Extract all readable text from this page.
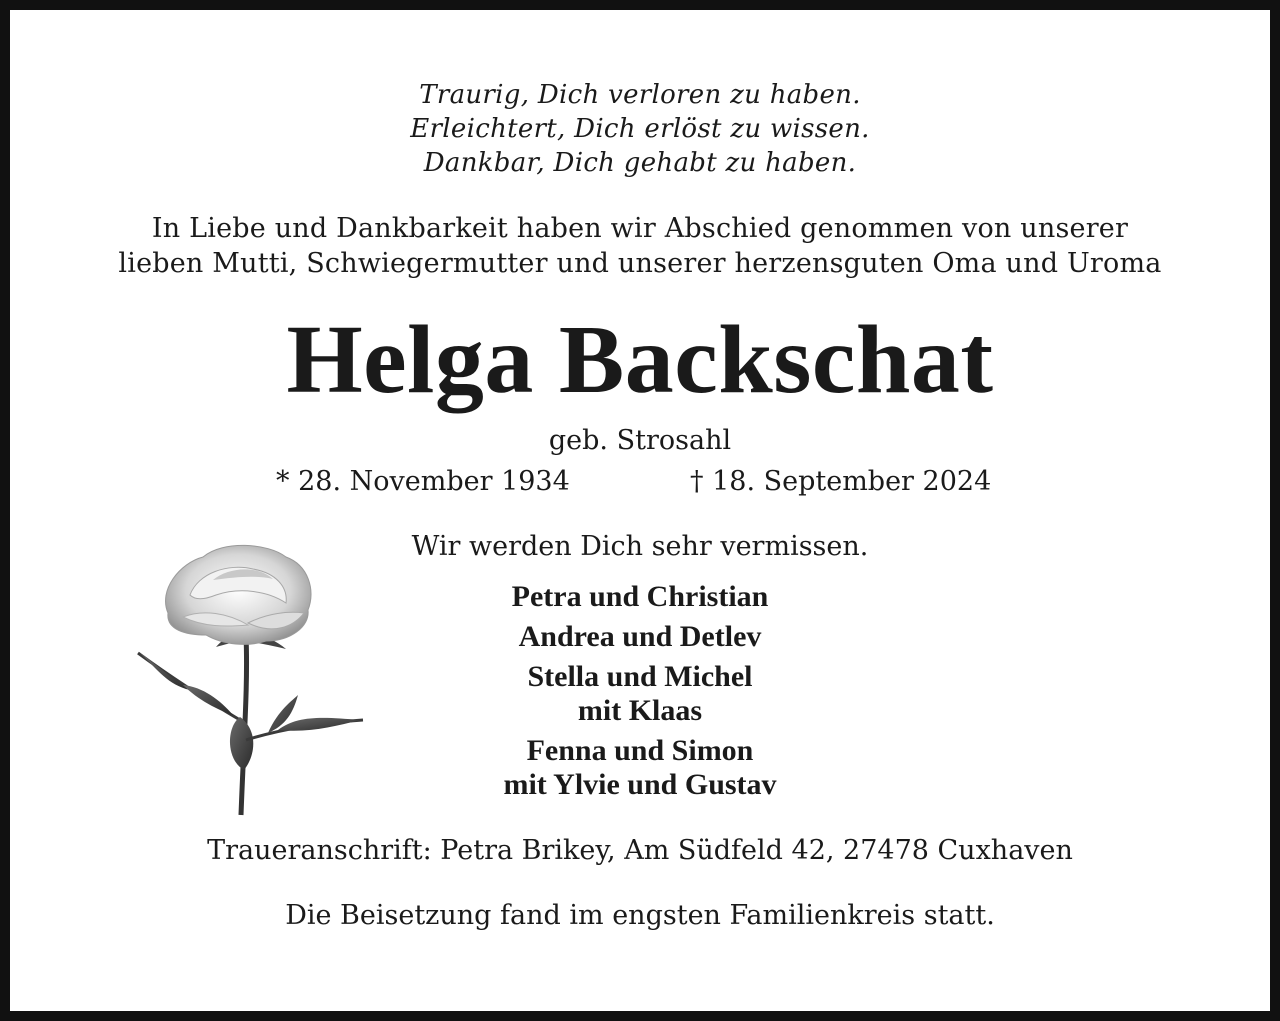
Traurig, Dich verloren zu haben.
Erleichtert, Dich erlöst zu wissen.
Dankbar, Dich gehabt zu haben.
In Liebe und Dankbarkeit haben wir Abschied genommen von unserer
lieben Mutti, Schwiegermutter und unserer herzensguten Oma und Uroma
Helga Backschat
geb. Strosahl
* 28. November 1934	† 18. September 2024
Wir werden Dich sehr vermissen.
Petra und Christian
Andrea und Detlev
Stella und Michel
mit Klaas
Fenna und Simon
mit Ylvie und Gustav
Traueranschrift: Petra Brikey, Am Südfeld 42, 27478 Cuxhaven
Die Beisetzung fand im engsten Familienkreis statt.
